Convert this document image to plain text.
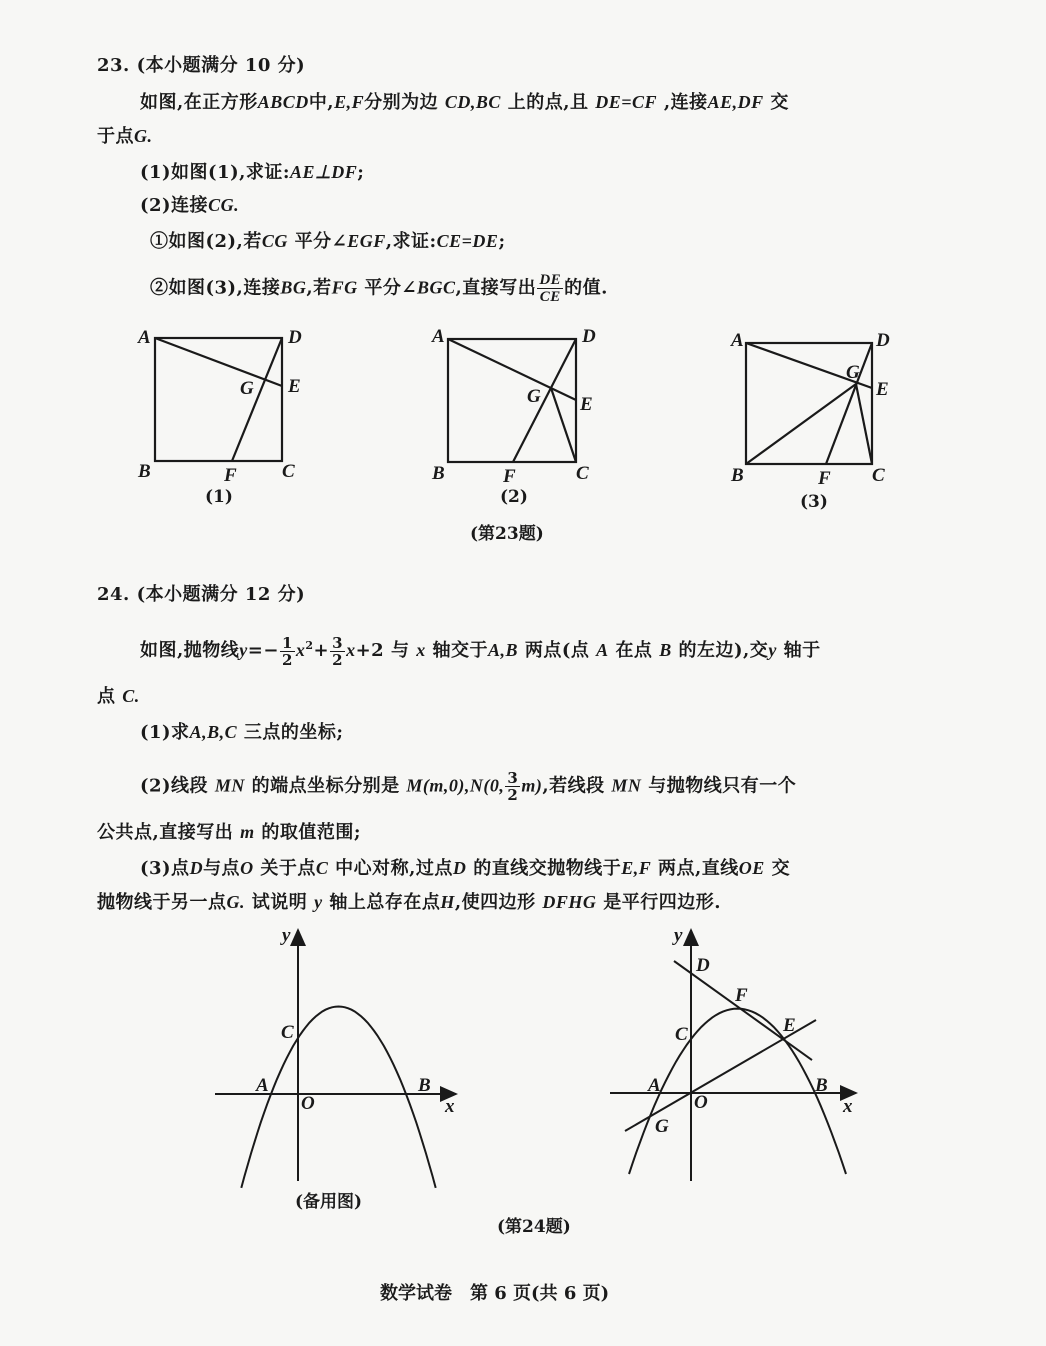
23. (本小题满分 10 分)
如图,在正方形ABCD中,E,F分别为边 CD,BC 上的点,且 DE=CF ,连接AE,DF 交
于点G.
(1)如图(1),求证:AE⊥DF;
(2)连接CG.
①如图(2),若CG 平分∠EGF,求证:CE=DE;
②如图(3),连接BG,若FG 平分∠BGC,直接写出 $\frac{DE}{CE}$ 的值.
A	D
E
G
B	F C
(1)
A	D
E
G
B	F	C
(2)
A	D
E
G
B	F C
(3)
(第23题)
24. (本小题满分 12 分)
如图,抛物线$y=- \frac{1}{2} x^2+ \frac{3}{2} x+2$ 与 x 轴交于A,B 两点(点 A 在点 B 的左边),交y 轴于
点 C.
(1)求A,B,C 三点的坐标;
(2)线段 MN 的端点坐标分别是 M(m,0),N(0, $\frac{3}{2} m$),若线段 MN 与抛物线只有一个
公共点,直接写出 m 的取值范围;
(3)点D与点O 关于点C 中心对称,过点D 的直线交抛物线于E,F 两点,直线OE 交
抛物线于另一点G. 试说明 y 轴上总存在点H,使四边形 DFHG 是平行四边形.
y
x
O
A	B
C
(备用图)
y
x
O
A	B
C
D
F
E
G
(第24题)
数学试卷　第 6 页(共 6 页)
